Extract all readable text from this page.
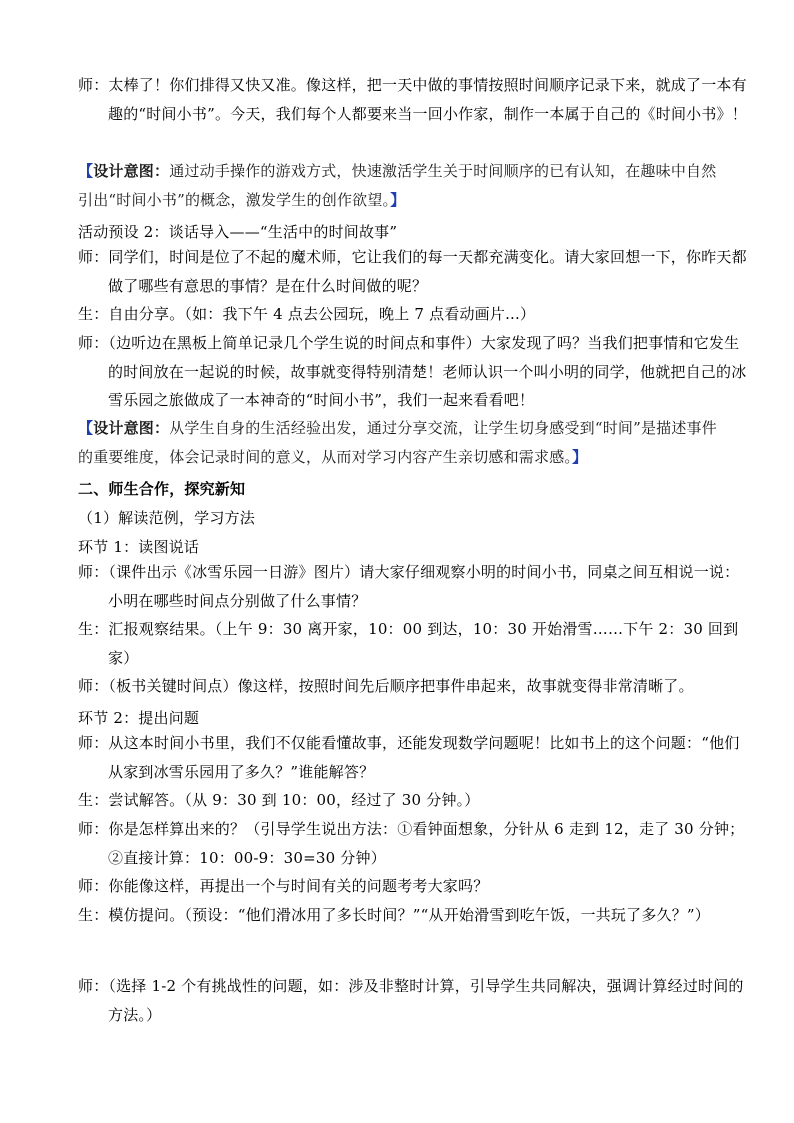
师：太棒了！你们排得又快又准。像这样，把一天中做的事情按照时间顺序记录下来，就成了一本有趣的“时间小书”。今天，我们每个人都要来当一回小作家，制作一本属于自己的《时间小书》！
【设计意图：通过动手操作的游戏方式，快速激活学生关于时间顺序的已有认知，在趣味中自然引出“时间小书”的概念，激发学生的创作欲望。】
活动预设 2：谈话导入——“生活中的时间故事”
师：同学们，时间是位了不起的魔术师，它让我们的每一天都充满变化。请大家回想一下，你昨天都做了哪些有意思的事情？是在什么时间做的呢？
生：自由分享。（如：我下午 4 点去公园玩，晚上 7 点看动画片...）
师：（边听边在黑板上简单记录几个学生说的时间点和事件）大家发现了吗？当我们把事情和它发生的时间放在一起说的时候，故事就变得特别清楚！老师认识一个叫小明的同学，他就把自己的冰雪乐园之旅做成了一本神奇的“时间小书”，我们一起来看看吧！
【设计意图：从学生自身的生活经验出发，通过分享交流，让学生切身感受到“时间”是描述事件的重要维度，体会记录时间的意义，从而对学习内容产生亲切感和需求感。】
二、师生合作，探究新知
（1）解读范例，学习方法
环节 1：读图说话
师：（课件出示《冰雪乐园一日游》图片）请大家仔细观察小明的时间小书，同桌之间互相说一说：小明在哪些时间点分别做了什么事情？
生：汇报观察结果。（上午 9：30 离开家，10：00 到达，10：30 开始滑雪……下午 2：30 回到家）
师：（板书关键时间点）像这样，按照时间先后顺序把事件串起来，故事就变得非常清晰了。
环节 2：提出问题
师：从这本时间小书里，我们不仅能看懂故事，还能发现数学问题呢！比如书上的这个问题：“他们从家到冰雪乐园用了多久？”谁能解答？
生：尝试解答。（从 9：30 到 10：00，经过了 30 分钟。）
师：你是怎样算出来的？（引导学生说出方法：①看钟面想象，分针从 6 走到 12，走了 30 分钟；②直接计算：10：00-9：30=30 分钟）
师：你能像这样，再提出一个与时间有关的问题考考大家吗？
生：模仿提问。（预设：“他们滑冰用了多长时间？”“从开始滑雪到吃午饭，一共玩了多久？”）
师：（选择 1-2 个有挑战性的问题，如：涉及非整时计算，引导学生共同解决，强调计算经过时间的方法。）
